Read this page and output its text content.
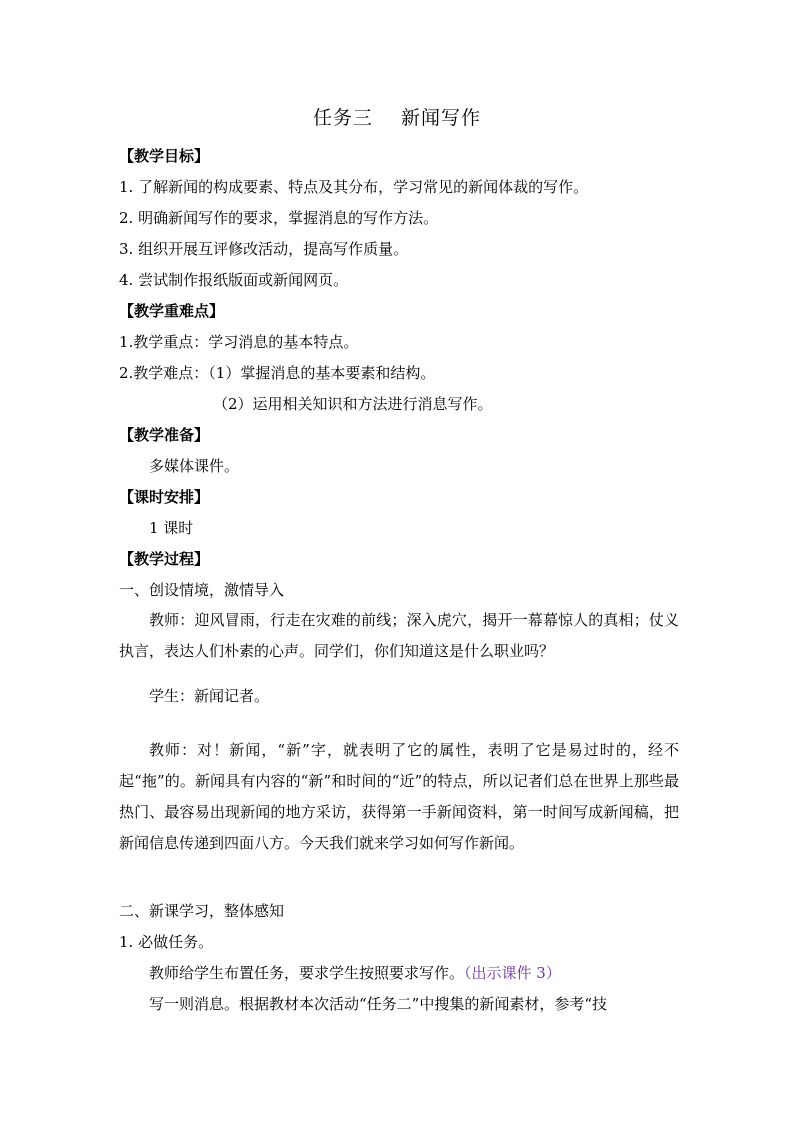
任务三 新闻写作
【教学目标】
1. 了解新闻的构成要素、特点及其分布，学习常见的新闻体裁的写作。
2. 明确新闻写作的要求，掌握消息的写作方法。
3. 组织开展互评修改活动，提高写作质量。
4. 尝试制作报纸版面或新闻网页。
【教学重难点】
1.教学重点：学习消息的基本特点。
2.教学难点：（1）掌握消息的基本要素和结构。
（2）运用相关知识和方法进行消息写作。
【教学准备】
多媒体课件。
【课时安排】
1 课时
【教学过程】
一、创设情境，激情导入
教师：迎风冒雨，行走在灾难的前线；深入虎穴，揭开一幕幕惊人的真相；仗义执言，表达人们朴素的心声。同学们，你们知道这是什么职业吗？
学生：新闻记者。
教师：对！新闻，“新”字，就表明了它的属性，表明了它是易过时的，经不起“拖”的。新闻具有内容的“新”和时间的“近”的特点，所以记者们总在世界上那些最热门、最容易出现新闻的地方采访，获得第一手新闻资料，第一时间写成新闻稿，把新闻信息传递到四面八方。今天我们就来学习如何写作新闻。
二、新课学习，整体感知
1. 必做任务。
教师给学生布置任务，要求学生按照要求写作。（出示课件 3）
写一则消息。根据教材本次活动“任务二”中搜集的新闻素材，参考“技
